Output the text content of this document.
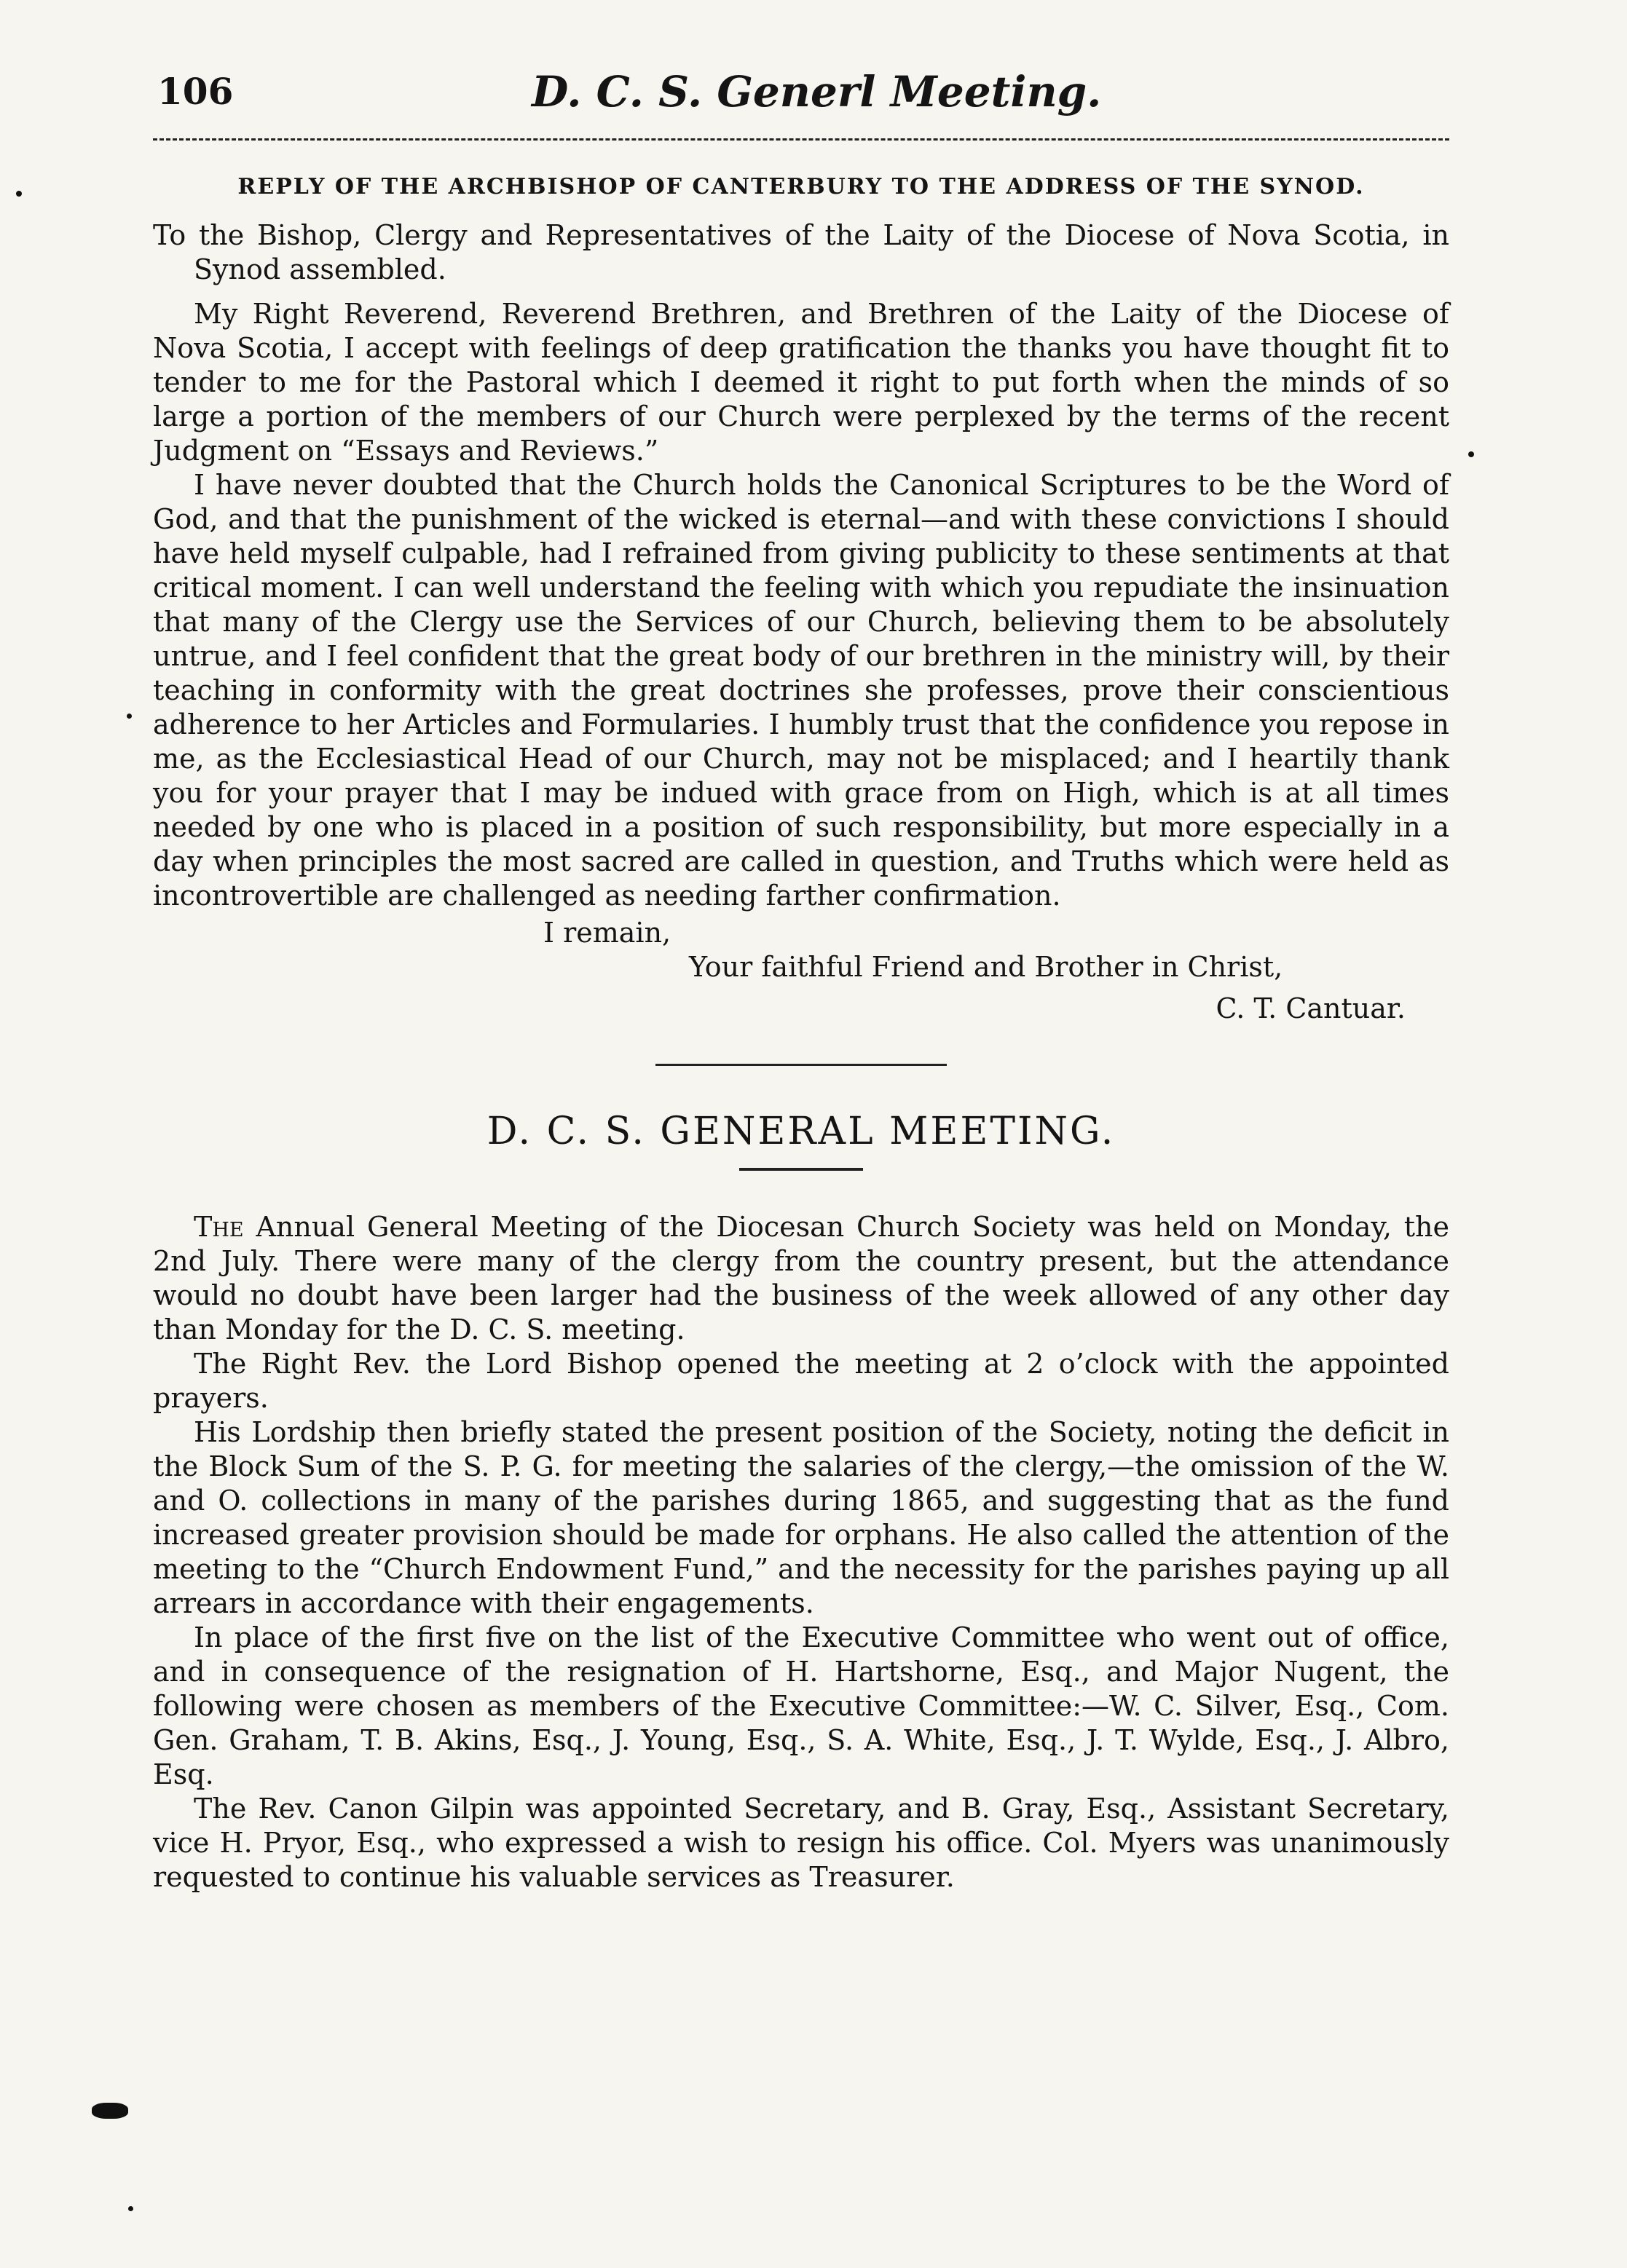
106	D. C. S. Generl Meeting.
REPLY OF THE ARCHBISHOP OF CANTERBURY TO THE ADDRESS OF THE SYNOD.

To the Bishop, Clergy and Representatives of the Laity of the Diocese of Nova Scotia, in Synod assembled.

My Right Reverend, Reverend Brethren, and Brethren of the Laity of the Diocese of Nova Scotia, I accept with feelings of deep gratification the thanks you have thought fit to tender to me for the Pastoral which I deemed it right to put forth when the minds of so large a portion of the members of our Church were perplexed by the terms of the recent Judgment on “Essays and Reviews.”

I have never doubted that the Church holds the Canonical Scriptures to be the Word of God, and that the punishment of the wicked is eternal—and with these convictions I should have held myself culpable, had I refrained from giving publicity to these sentiments at that critical moment. I can well understand the feeling with which you repudiate the insinuation that many of the Clergy use the Services of our Church, believing them to be absolutely untrue, and I feel confident that the great body of our brethren in the ministry will, by their teaching in conformity with the great doctrines she professes, prove their conscientious adherence to her Articles and Formularies. I humbly trust that the confidence you repose in me, as the Ecclesiastical Head of our Church, may not be misplaced; and I heartily thank you for your prayer that I may be indued with grace from on High, which is at all times needed by one who is placed in a position of such responsibility, but more especially in a day when principles the most sacred are called in question, and Truths which were held as incontrovertible are challenged as needing farther confirmation.

I remain,

Your faithful Friend and Brother in Christ,

C. T. Cantuar.

D. C. S. GENERAL MEETING.

The Annual General Meeting of the Diocesan Church Society was held on Monday, the 2nd July. There were many of the clergy from the country present, but the attendance would no doubt have been larger had the business of the week allowed of any other day than Monday for the D. C. S. meeting.

The Right Rev. the Lord Bishop opened the meeting at 2 o’clock with the appointed prayers.

His Lordship then briefly stated the present position of the Society, noting the deficit in the Block Sum of the S. P. G. for meeting the salaries of the clergy,—the omission of the W. and O. collections in many of the parishes during 1865, and suggesting that as the fund increased greater provision should be made for orphans. He also called the attention of the meeting to the “Church Endowment Fund,” and the necessity for the parishes paying up all arrears in accordance with their engagements.

In place of the first five on the list of the Executive Committee who went out of office, and in consequence of the resignation of H. Hartshorne, Esq., and Major Nugent, the following were chosen as members of the Executive Committee:—W. C. Silver, Esq., Com. Gen. Graham, T. B. Akins, Esq., J. Young, Esq., S. A. White, Esq., J. T. Wylde, Esq., J. Albro, Esq.

The Rev. Canon Gilpin was appointed Secretary, and B. Gray, Esq., Assistant Secretary, vice H. Pryor, Esq., who expressed a wish to resign his office. Col. Myers was unanimously requested to continue his valuable services as Treasurer.
